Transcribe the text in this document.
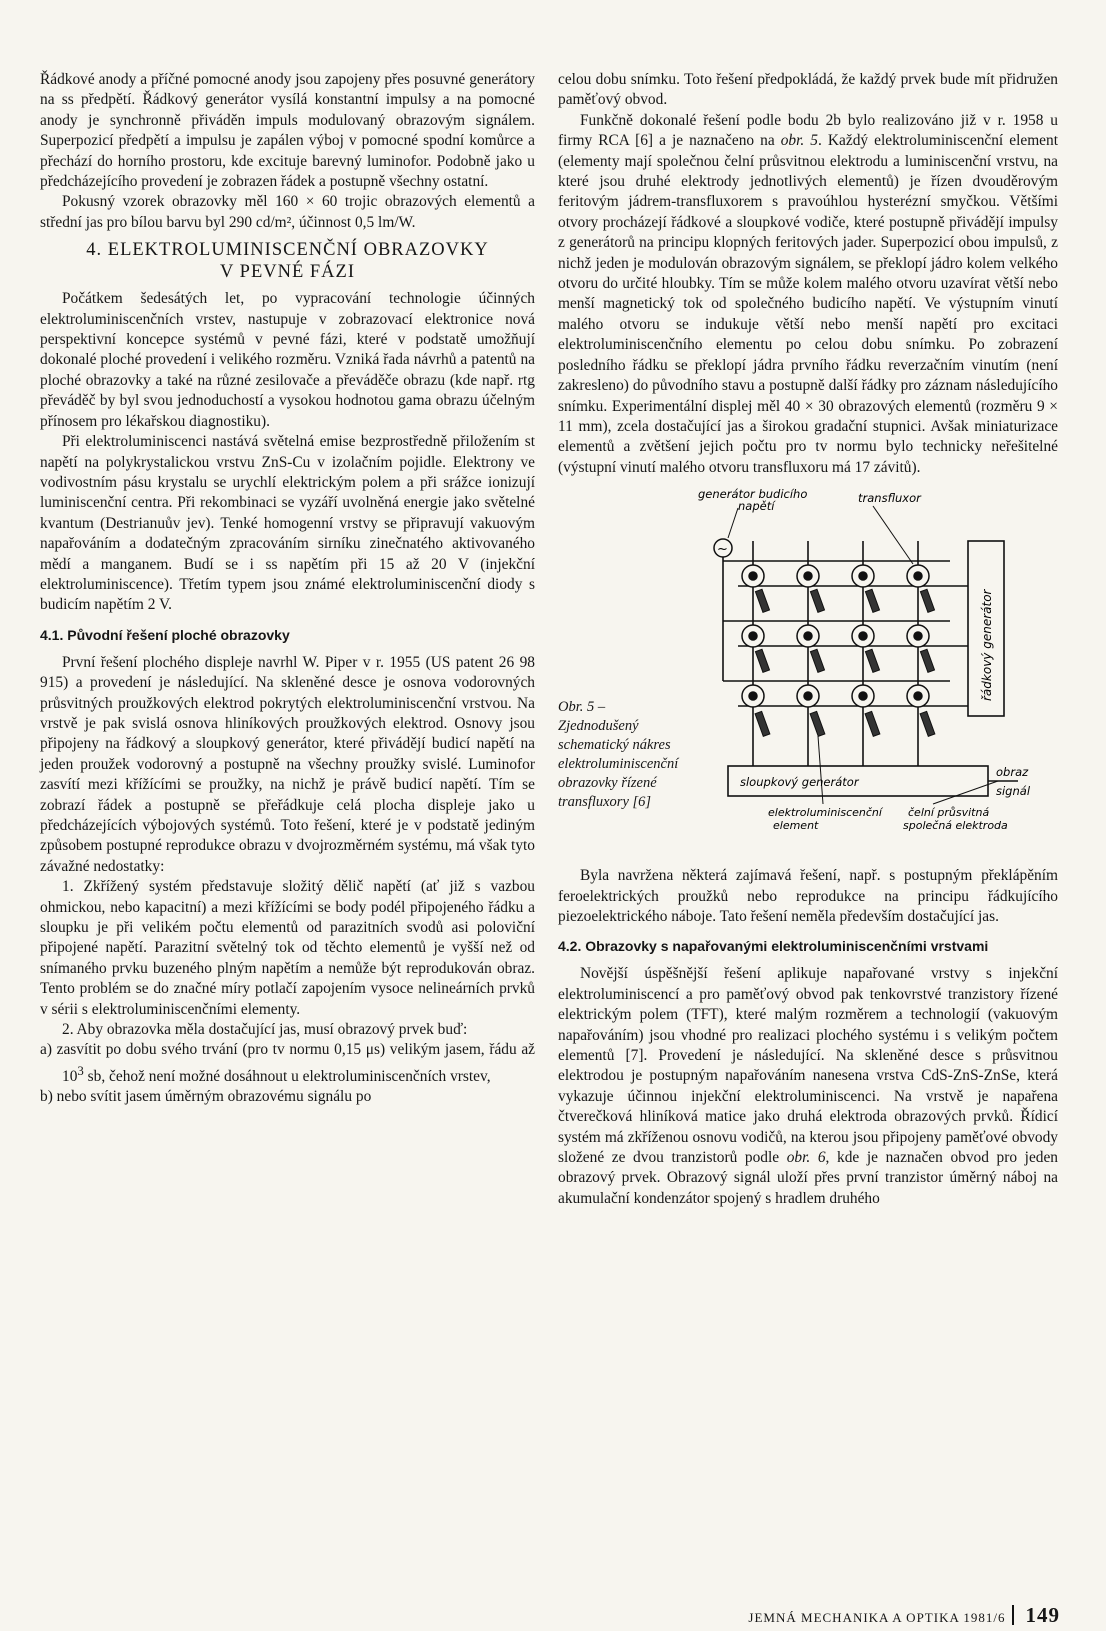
Řádkové anody a příčné pomocné anody jsou zapojeny přes posuvné generátory na ss předpětí. Řádkový generátor vysílá konstantní impulsy a na pomocné anody je synchronně přiváděn impuls modulovaný obrazovým signálem. Superpozicí předpětí a impulsu je zapálen výboj v pomocné spodní komůrce a přechází do horního prostoru, kde excituje barevný luminofor. Podobně jako u předcházejícího provedení je zobrazen řádek a postupně všechny ostatní.

Pokusný vzorek obrazovky měl 160 × 60 trojic obrazových elementů a střední jas pro bílou barvu byl 290 cd/m², účinnost 0,5 lm/W.

4. ELEKTROLUMINISCENČNÍ OBRAZOVKY
V PEVNÉ FÁZI

Počátkem šedesátých let, po vypracování technologie účinných elektroluminiscenčních vrstev, nastupuje v zobrazovací elektronice nová perspektivní koncepce systémů v pevné fázi, které v podstatě umožňují dokonalé ploché provedení i velikého rozměru. Vzniká řada návrhů a patentů na ploché obrazovky a také na různé zesilovače a převáděče obrazu (kde např. rtg převáděč by byl svou jednoduchostí a vysokou hodnotou gama obrazu účelným přínosem pro lékařskou diagnostiku).

Při elektroluminiscenci nastává světelná emise bezprostředně přiložením st napětí na polykrystalickou vrstvu ZnS-Cu v izolačním pojidle. Elektrony ve vodivostním pásu krystalu se urychlí elektrickým polem a při srážce ionizují luminiscenční centra. Při rekombinaci se vyzáří uvolněná energie jako světelné kvantum (Destrianuův jev). Tenké homogenní vrstvy se připravují vakuovým napařováním a dodatečným zpracováním sirníku zinečnatého aktivovaného mědí a manganem. Budí se i ss napětím při 15 až 20 V (injekční elektroluminiscence). Třetím typem jsou známé elektroluminiscenční diody s budicím napětím 2 V.

4.1. Původní řešení ploché obrazovky

První řešení plochého displeje navrhl W. Piper v r. 1955 (US patent 26 98 915) a provedení je následující. Na skleněné desce je osnova vodorovných průsvitných proužkových elektrod pokrytých elektroluminiscenční vrstvou. Na vrstvě je pak svislá osnova hliníkových proužkových elektrod. Osnovy jsou připojeny na řádkový a sloupkový generátor, které přivádějí budicí napětí na jeden proužek vodorovný a postupně na všechny proužky svislé. Luminofor zasvítí mezi křížícími se proužky, na nichž je právě budicí napětí. Tím se zobrazí řádek a postupně se přeřádkuje celá plocha displeje jako u předcházejících výbojových systémů. Toto řešení, které je v podstatě jediným způsobem postupné reprodukce obrazu v dvojrozměrném systému, má však tyto závažné nedostatky:

1. Zkřížený systém představuje složitý dělič napětí (ať již s vazbou ohmickou, nebo kapacitní) a mezi křížícími se body podél připojeného řádku a sloupku je při velikém počtu elementů od parazitních svodů asi poloviční připojené napětí. Parazitní světelný tok od těchto elementů je vyšší než od snímaného prvku buzeného plným napětím a nemůže být reprodukován obraz. Tento problém se do značné míry potlačí zapojením vysoce nelineárních prvků v sérii s elektroluminiscenčními elementy.

2. Aby obrazovka měla dostačující jas, musí obrazový prvek buď:

a) zasvítit po dobu svého trvání (pro tv normu 0,15 μs) velikým jasem, řádu až $10^3$ sb, čehož není možné dosáhnout u elektroluminiscenčních vrstev,

b) nebo svítit jasem úměrným obrazovému signálu po

celou dobu snímku. Toto řešení předpokládá, že každý prvek bude mít přidružen paměťový obvod.

Funkčně dokonalé řešení podle bodu 2b bylo realizováno již v r. 1958 u firmy RCA [6] a je naznačeno na obr. 5. Každý elektroluminiscenční element (elementy mají společnou čelní průsvitnou elektrodu a luminiscenční vrstvu, na které jsou druhé elektrody jednotlivých elementů) je řízen dvouděrovým feritovým jádrem-transfluxorem s pravoúhlou hysterézní smyčkou. Většími otvory procházejí řádkové a sloupkové vodiče, které postupně přivádějí impulsy z generátorů na principu klopných feritových jader. Superpozicí obou impulsů, z nichž jeden je modulován obrazovým signálem, se překlopí jádro kolem velkého otvoru do určité hloubky. Tím se může kolem malého otvoru uzavírat větší nebo menší magnetický tok od společného budicího napětí. Ve výstupním vinutí malého otvoru se indukuje větší nebo menší napětí pro excitaci elektroluminiscenčního elementu po celou dobu snímku. Po zobrazení posledního řádku se překlopí jádra prvního řádku reverzačním vinutím (není zakresleno) do původního stavu a postupně další řádky pro záznam následujícího snímku. Experimentální displej měl 40 × 30 obrazových elementů (rozměru 9 × 11 mm), zcela dostačující jas a širokou gradační stupnici. Avšak miniaturizace elementů a zvětšení jejich počtu pro tv normu bylo technicky neřešitelné (výstupní vinutí malého otvoru transfluxoru má 17 závitů).

Obr. 5 – Zjednodušený schematický nákres elektroluminiscenční obrazovky řízené transfluxory [6]
~
generátor budicího
napětí
transfluxor
řádkový generátor
sloupkový generátor
obraz
signál
elektroluminiscenční
element
čelní průsvitná
společná elektroda

Byla navržena některá zajímavá řešení, např. s postupným překlápěním feroelektrických proužků nebo reprodukce na principu řádkujícího piezoelektrického náboje. Tato řešení neměla především dostačující jas.

4.2. Obrazovky s napařovanými elektroluminiscenčními vrstvami

Novější úspěšnější řešení aplikuje napařované vrstvy s injekční elektroluminiscencí a pro paměťový obvod pak tenkovrstvé tranzistory řízené elektrickým polem (TFT), které malým rozměrem a technologií (vakuovým napařováním) jsou vhodné pro realizaci plochého systému i s velikým počtem elementů [7]. Provedení je následující. Na skleněné desce s průsvitnou elektrodou je postupným napařováním nanesena vrstva CdS-ZnS-ZnSe, která vykazuje účinnou injekční elektroluminiscenci. Na vrstvě je napařena čtverečková hliníková matice jako druhá elektroda obrazových prvků. Řídicí systém má zkříženou osnovu vodičů, na kterou jsou připojeny paměťové obvody složené ze dvou tranzistorů podle obr. 6, kde je naznačen obvod pro jeden obrazový prvek. Obrazový signál uloží přes první tranzistor úměrný náboj na akumulační kondenzátor spojený s hradlem druhého

JEMNÁ MECHANIKA A OPTIKA 1981/6 149
